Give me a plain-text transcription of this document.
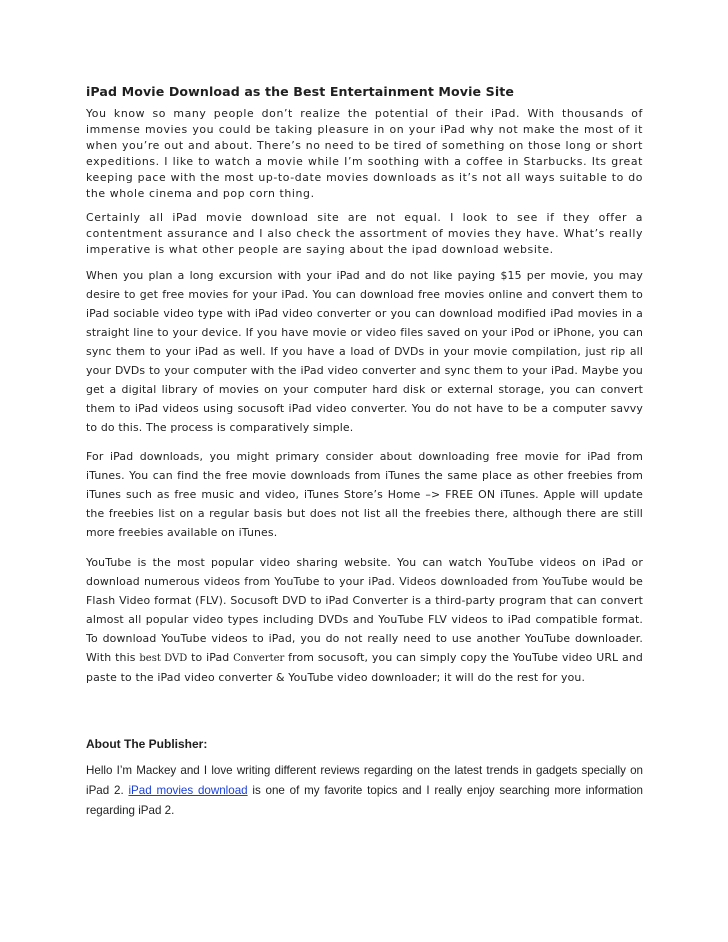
iPad Movie Download as the Best Entertainment Movie Site

You know so many people don’t realize the potential of their iPad. With thousands of immense movies you could be taking pleasure in on your iPad why not make the most of it when you’re out and about. There’s no need to be tired of something on those long or short expeditions. I like to watch a movie while I’m soothing with a coffee in Starbucks. Its great keeping pace with the most up-to-date movies downloads as it’s not all ways suitable to do the whole cinema and pop corn thing.

Certainly all iPad movie download site are not equal. I look to see if they offer a contentment assurance and I also check the assortment of movies they have. What’s really imperative is what other people are saying about the ipad download website.

When you plan a long excursion with your iPad and do not like paying $15 per movie, you may desire to get free movies for your iPad. You can download free movies online and convert them to iPad sociable video type with iPad video converter or you can download modified iPad movies in a straight line to your device. If you have movie or video files saved on your iPod or iPhone, you can sync them to your iPad as well. If you have a load of DVDs in your movie compilation, just rip all your DVDs to your computer with the iPad video converter and sync them to your iPad. Maybe you get a digital library of movies on your computer hard disk or external storage, you can convert them to iPad videos using socusoft iPad video converter. You do not have to be a computer savvy to do this. The process is comparatively simple.

For iPad downloads, you might primary consider about downloading free movie for iPad from iTunes. You can find the free movie downloads from iTunes the same place as other freebies from iTunes such as free music and video, iTunes Store’s Home –> FREE ON iTunes. Apple will update the freebies list on a regular basis but does not list all the freebies there, although there are still more freebies available on iTunes.

YouTube is the most popular video sharing website. You can watch YouTube videos on iPad or download numerous videos from YouTube to your iPad. Videos downloaded from YouTube would be Flash Video format (FLV). Socusoft DVD to iPad Converter is a third-party program that can convert almost all popular video types including DVDs and YouTube FLV videos to iPad compatible format. To download YouTube videos to iPad, you do not really need to use another YouTube downloader. With this best DVD to iPad Converter from socusoft, you can simply copy the YouTube video URL and paste to the iPad video converter & YouTube video downloader; it will do the rest for you.

About The Publisher:

Hello I’m Mackey and I love writing different reviews regarding on the latest trends in gadgets specially on iPad 2. iPad movies download is one of my favorite topics and I really enjoy searching more information regarding iPad 2.
